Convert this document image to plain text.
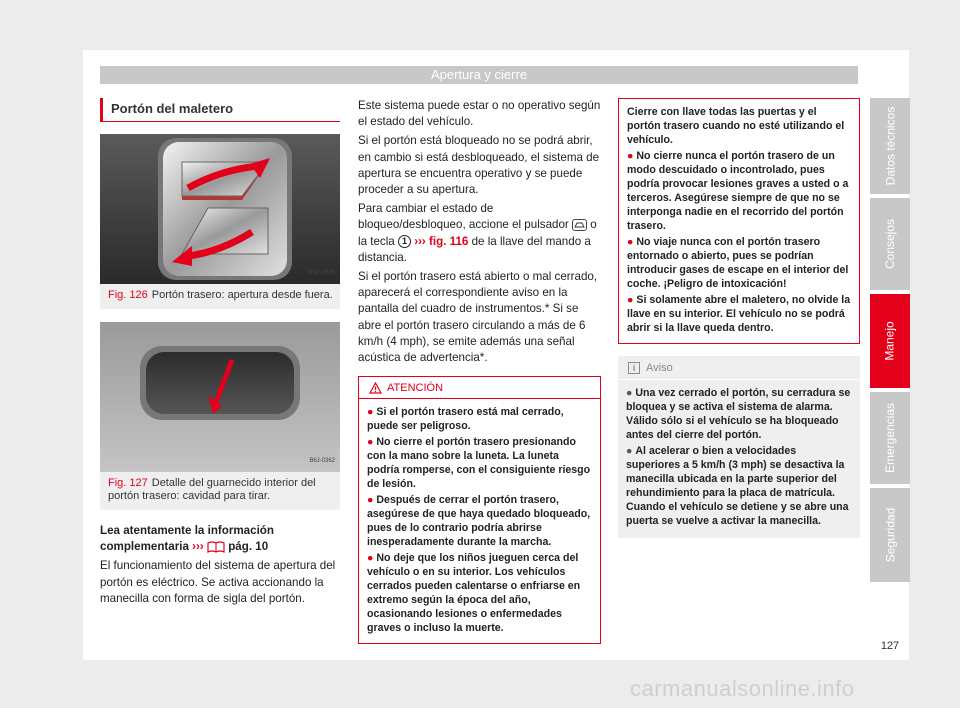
Apertura y cierre
Portón del maletero
B5F-0335
Fig. 126 Portón trasero: apertura desde fuera.
B6J-0362
Fig. 127 Detalle del guarnecido interior del portón trasero: cavidad para tirar.

Lea atentamente la información complementaria ››› pág. 10

El funcionamiento del sistema de apertura del portón es eléctrico. Se activa accionando la manecilla con forma de sigla del portón.

Este sistema puede estar o no operativo según el estado del vehículo.

Si el portón está bloqueado no se podrá abrir, en cambio si está desbloqueado, el sistema de apertura se encuentra operativo y se puede proceder a su apertura.

Para cambiar el estado de bloqueo/desbloqueo, accione el pulsador o la tecla 1 ››› fig. 116 de la llave del mando a distancia.

Si el portón trasero está abierto o mal cerrado, aparecerá el correspondiente aviso en la pantalla del cuadro de instrumentos.* Si se abre el portón trasero circulando a más de 6 km/h (4 mph), se emite además una señal acústica de advertencia*.

ATENCIÓN
● Si el portón trasero está mal cerrado, puede ser peligroso.
● No cierre el portón trasero presionando con la mano sobre la luneta. La luneta podría romperse, con el consiguiente riesgo de lesión.
● Después de cerrar el portón trasero, asegúrese de que haya quedado bloqueado, pues de lo contrario podría abrirse inesperadamente durante la marcha.
● No deje que los niños jueguen cerca del vehículo o en su interior. Los vehículos cerrados pueden calentarse o enfriarse en extremo según la época del año, ocasionando lesiones o enfermedades graves o incluso la muerte.
Cierre con llave todas las puertas y el portón trasero cuando no esté utilizando el vehículo.
● No cierre nunca el portón trasero de un modo descuidado o incontrolado, pues podría provocar lesiones graves a usted o a terceros. Asegúrese siempre de que no se interponga nadie en el recorrido del portón trasero.
● No viaje nunca con el portón trasero entornado o abierto, pues se podrían introducir gases de escape en el interior del coche. ¡Peligro de intoxicación!
● Si solamente abre el maletero, no olvide la llave en su interior. El vehículo no se podrá abrir si la llave queda dentro.
i Aviso
● Una vez cerrado el portón, su cerradura se bloquea y se activa el sistema de alarma. Válido sólo si el vehículo se ha bloqueado antes del cierre del portón.
● Al acelerar o bien a velocidades superiores a 5 km/h (3 mph) se desactiva la manecilla ubicada en la parte superior del rehundimiento para la placa de matrícula. Cuando el vehículo se detiene y se abre una puerta se vuelve a activar la manecilla.
Datos técnicos
Consejos
Manejo
Emergencias
Seguridad
127
carmanualsonline.info
